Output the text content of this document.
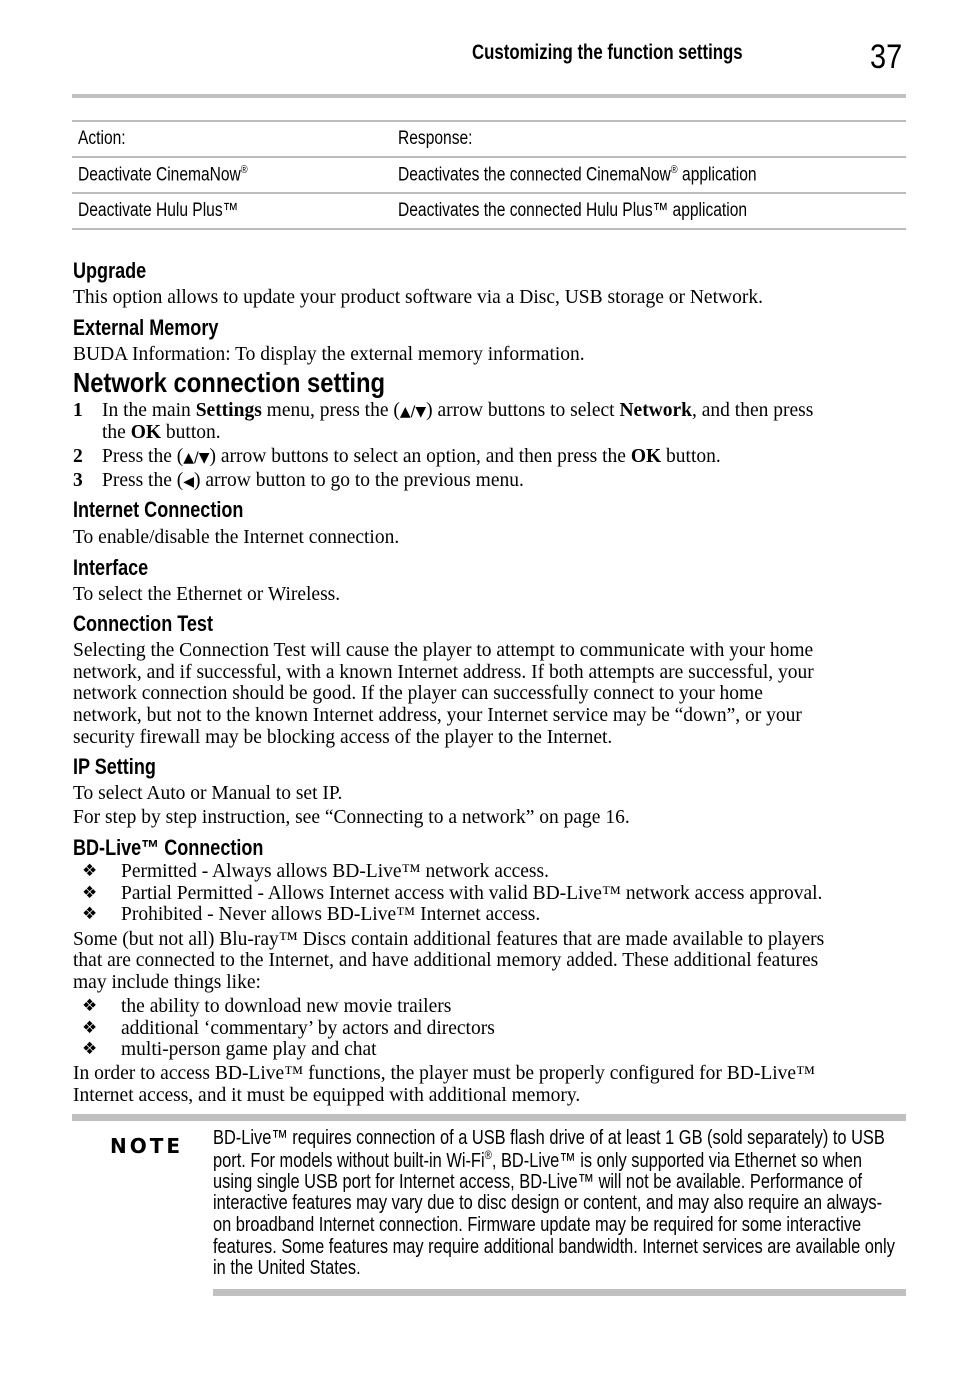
Customizing the function settings	37
Action:	Response:
Deactivate CinemaNow®	Deactivates the connected CinemaNow® application
Deactivate Hulu Plus™	Deactivates the connected Hulu Plus™ application
Upgrade
This option allows to update your product software via a Disc, USB storage or Network.
External Memory
BUDA Information: To display the external memory information.
Network connection setting
1 In the main Settings menu, press the (▲/▼) arrow buttons to select Network, and then press
the OK button.
2 Press the (▲/▼) arrow buttons to select an option, and then press the OK button.
3 Press the (◀) arrow button to go to the previous menu.
Internet Connection
To enable/disable the Internet connection.
Interface
To select the Ethernet or Wireless.
Connection Test
Selecting the Connection Test will cause the player to attempt to communicate with your home
network, and if successful, with a known Internet address. If both attempts are successful, your
network connection should be good. If the player can successfully connect to your home
network, but not to the known Internet address, your Internet service may be “down”, or your
security firewall may be blocking access of the player to the Internet.
IP Setting
To select Auto or Manual to set IP.
For step by step instruction, see “Connecting to a network” on page 16.
BD-Live™ Connection
❖ Permitted - Always allows BD-Live™ network access.
❖ Partial Permitted - Allows Internet access with valid BD-Live™ network access approval.
❖ Prohibited - Never allows BD-Live™ Internet access.
Some (but not all) Blu-ray™ Discs contain additional features that are made available to players
that are connected to the Internet, and have additional memory added. These additional features
may include things like:
❖ the ability to download new movie trailers
❖ additional ‘commentary’ by actors and directors
❖ multi-person game play and chat
In order to access BD-Live™ functions, the player must be properly configured for BD-Live™
Internet access, and it must be equipped with additional memory.
NOTE BD-Live™ requires connection of a USB flash drive of at least 1 GB (sold separately) to USB
port. For models without built-in Wi-Fi®, BD-Live™ is only supported via Ethernet so when
using single USB port for Internet access, BD-Live™ will not be available. Performance of
interactive features may vary due to disc design or content, and may also require an always-
on broadband Internet connection. Firmware update may be required for some interactive
features. Some features may require additional bandwidth. Internet services are available only
in the United States.
